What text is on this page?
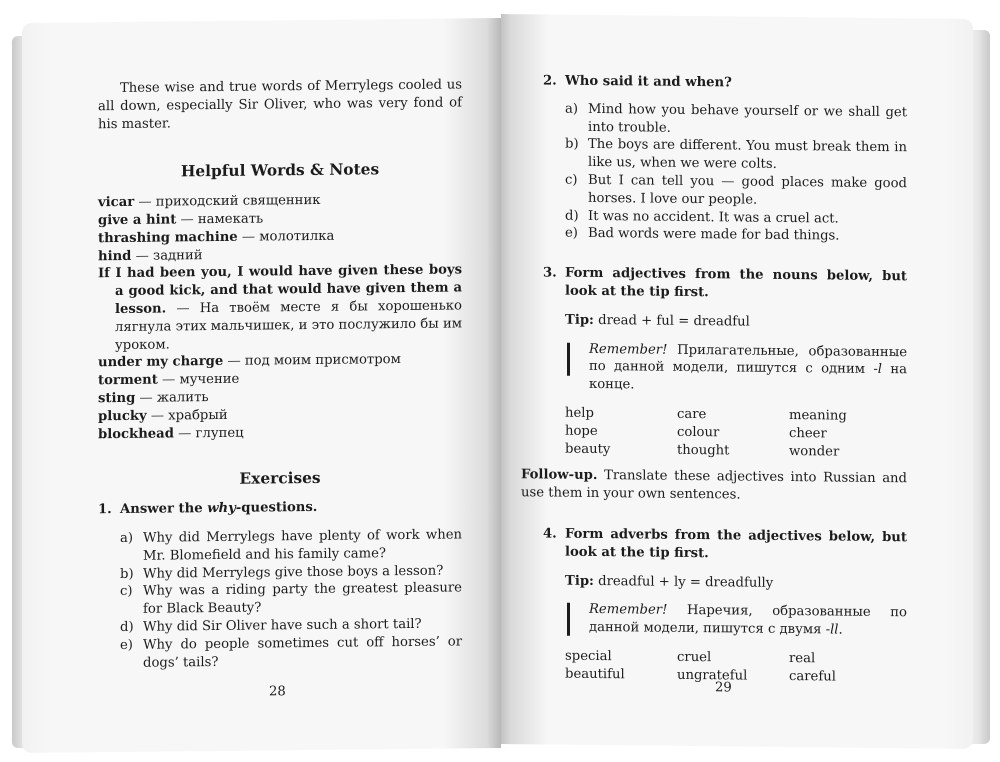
These wise and true words of Merrylegs cooled us all down, especially Sir Oliver, who was very fond of his master.

Helpful Words & Notes
vicar — приходский священник
give a hint — намекать
thrashing machine — молотилка
hind — задний
If I had been you, I would have given these boys a good kick, and that would have given them a lesson. — На твоём месте я бы хорошенько лягнула этих мальчишек, и это послужило бы им уроком.
under my charge — под моим присмотром
torment — мучение
sting — жалить
plucky — храбрый
blockhead — глупец
Exercises
1. Answer the why-questions.
a) Why did Merrylegs have plenty of work when Mr. Blomefield and his family came?
b) Why did Merrylegs give those boys a lesson?
c) Why was a riding party the greatest pleasure for Black Beauty?
d) Why did Sir Oliver have such a short tail?
e) Why do people sometimes cut off horses’ or dogs’ tails?
28
2. Who said it and when?
a) Mind how you behave yourself or we shall get into trouble.
b) The boys are different. You must break them in like us, when we were colts.
c) But I can tell you — good places make good horses. I love our people.
d) It was no accident. It was a cruel act.
e) Bad words were made for bad things.
3. Form adjectives from the nouns below, but look at the tip first.
Tip: dread + ful = dreadful
Remember! Прилагательные, образованные по данной модели, пишутся с одним -l на конце.
help	care	meaning
hope	colour	cheer
beauty	thought	wonder
Follow-up. Translate these adjectives into Russian and use them in your own sentences.
4. Form adverbs from the adjectives below, but look at the tip first.
Tip: dreadful + ly = dreadfully
Remember! Наречия, образованные по данной модели, пишутся с двумя -ll.
special	cruel	real
beautiful	ungrateful	careful
29
